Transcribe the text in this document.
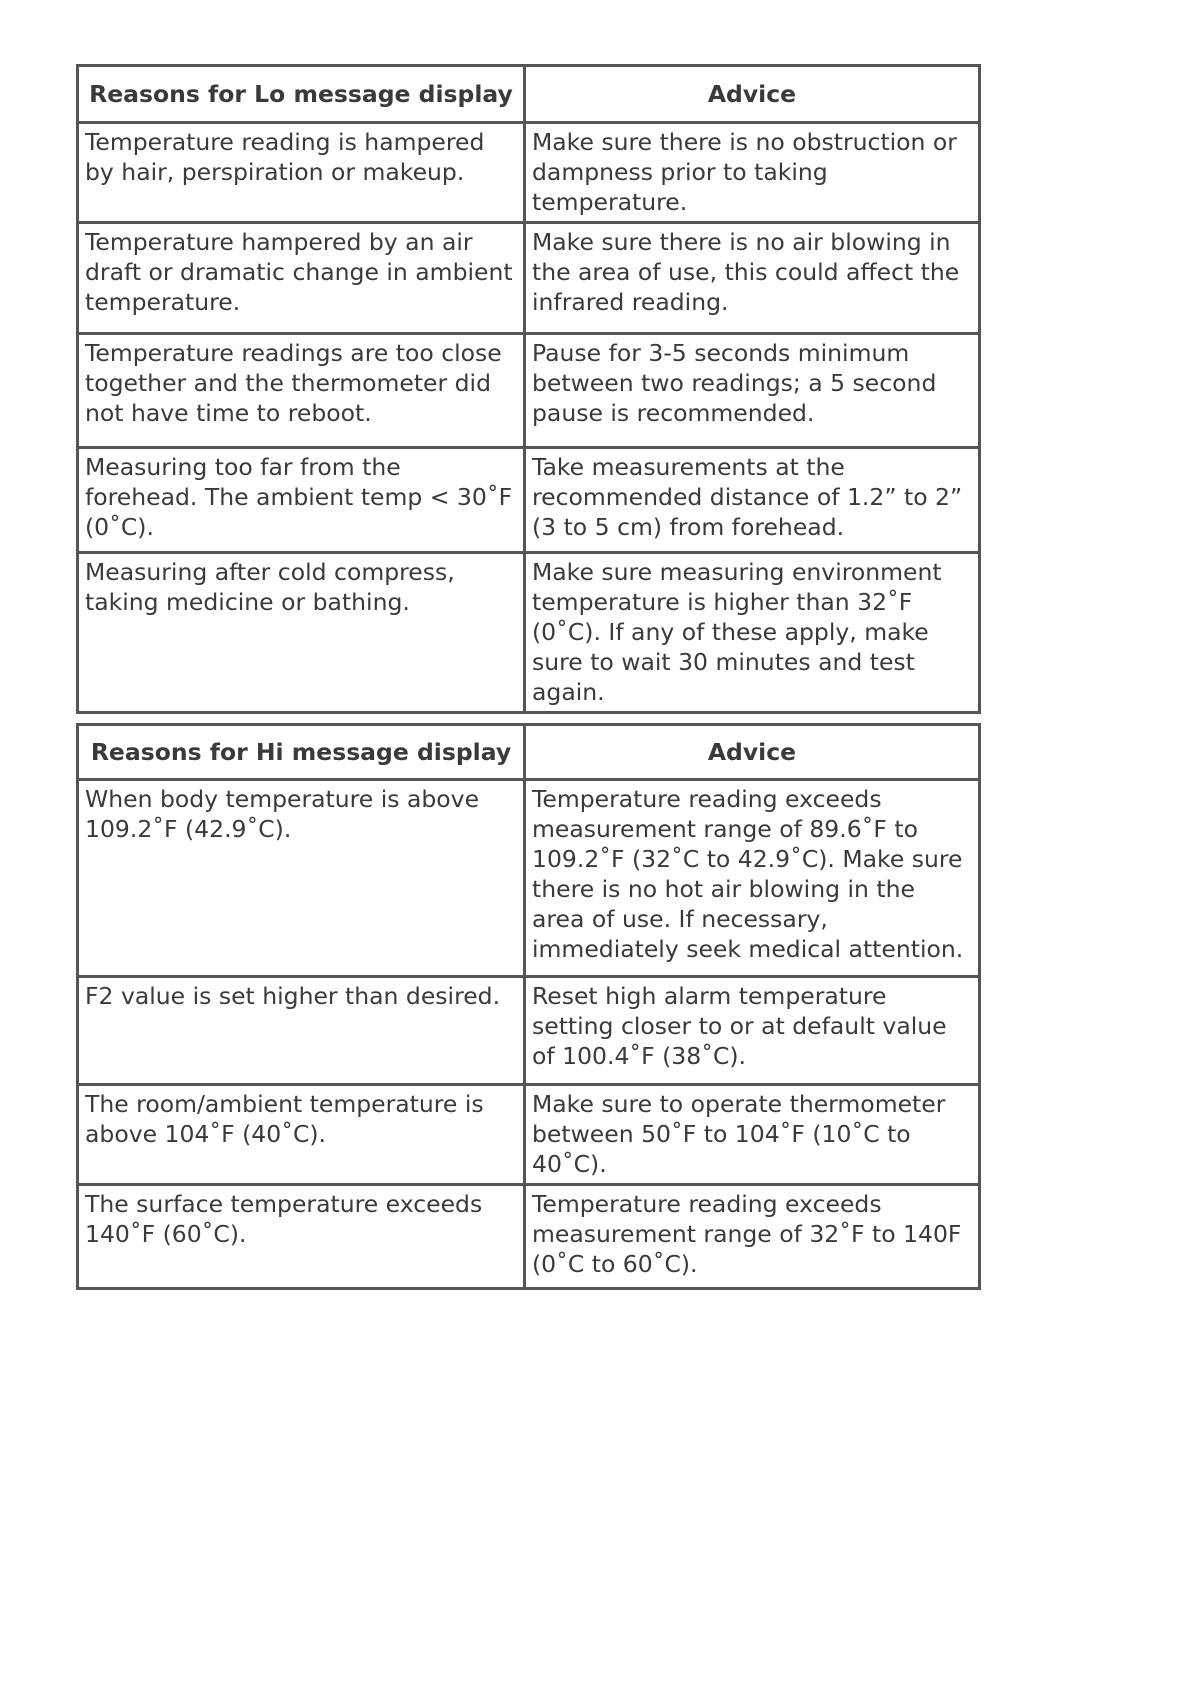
Reasons for Lo message display	Advice
Temperature reading is hampered by hair, perspiration or makeup.	Make sure there is no obstruction or dampness prior to taking temperature.
Temperature hampered by an air draft or dramatic change in ambient temperature.	Make sure there is no air blowing in the area of use, this could affect the infrared reading.
Temperature readings are too close together and the thermometer did not have time to reboot.	Pause for 3-5 seconds minimum between two readings; a 5 second pause is recommended.
Measuring too far from the forehead. The ambient temp < 30˚F (0˚C).	Take measurements at the recommended distance of 1.2” to 2” (3 to 5 cm) from forehead.
Measuring after cold compress, taking medicine or bathing.	Make sure measuring environment temperature is higher than 32˚F (0˚C). If any of these apply, make sure to wait 30 minutes and test again.
Reasons for Hi message display	Advice
When body temperature is above 109.2˚F (42.9˚C).	Temperature reading exceeds measurement range of 89.6˚F to 109.2˚F (32˚C to 42.9˚C). Make sure there is no hot air blowing in the area of use. If necessary, immediately seek medical attention.
F2 value is set higher than desired.	Reset high alarm temperature setting closer to or at default value of 100.4˚F (38˚C).
The room/ambient temperature is above 104˚F (40˚C).	Make sure to operate thermometer between 50˚F to 104˚F (10˚C to 40˚C).
The surface temperature exceeds 140˚F (60˚C).	Temperature reading exceeds measurement range of 32˚F to 140F (0˚C to 60˚C).
